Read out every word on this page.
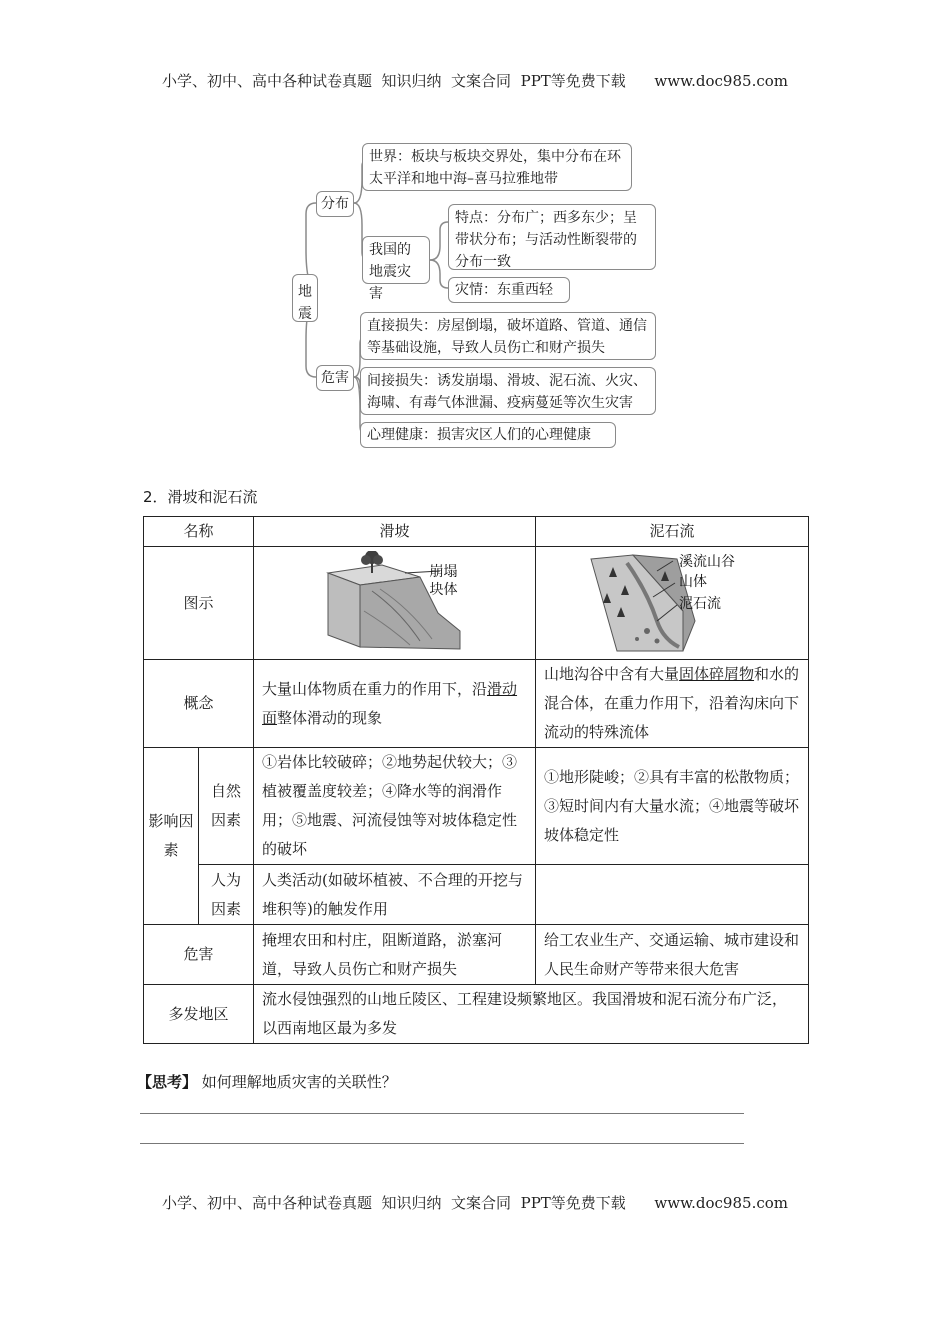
小学、初中、高中各种试卷真题  知识归纳  文案合同  PPT等免费下载      www.doc985.com
地震
分布
世界：板块与板块交界处，集中分布在环太平洋和地中海–喜马拉雅地带
我国的地震灾害
特点：分布广；西多东少；呈带状分布；与活动性断裂带的分布一致
灾情：东重西轻
危害
直接损失：房屋倒塌，破坏道路、管道、通信等基础设施，导致人员伤亡和财产损失
间接损失：诱发崩塌、滑坡、泥石流、火灾、海啸、有毒气体泄漏、疫病蔓延等次生灾害
心理健康：损害灾区人们的心理健康
2．滑坡和泥石流
名称		滑坡	泥石流
图示		崩塌
块体	溪流山谷
山体
泥石流

概念		大量山体物质在重力的作用下，沿滑动面整体滑动的现象	山地沟谷中含有大量固体碎屑物和水的混合体，在重力作用下，沿着沟床向下流动的特殊流体
影响因素	自然因素	①岩体比较破碎；②地势起伏较大；③植被覆盖度较差；④降水等的润滑作用；⑤地震、河流侵蚀等对坡体稳定性的破坏	①地形陡峻；②具有丰富的松散物质；③短时间内有大量水流；④地震等破坏坡体稳定性
	人为因素	人类活动(如破坏植被、不合理的开挖与堆积等)的触发作用	
危害		掩埋农田和村庄，阻断道路，淤塞河道，导致人员伤亡和财产损失	给工农业生产、交通运输、城市建设和人民生命财产等带来很大危害
多发地区		流水侵蚀强烈的山地丘陵区、工程建设频繁地区。我国滑坡和泥石流分布广泛，以西南地区最为多发	
【思考】 如何理解地质灾害的关联性？
小学、初中、高中各种试卷真题  知识归纳  文案合同  PPT等免费下载      www.doc985.com
